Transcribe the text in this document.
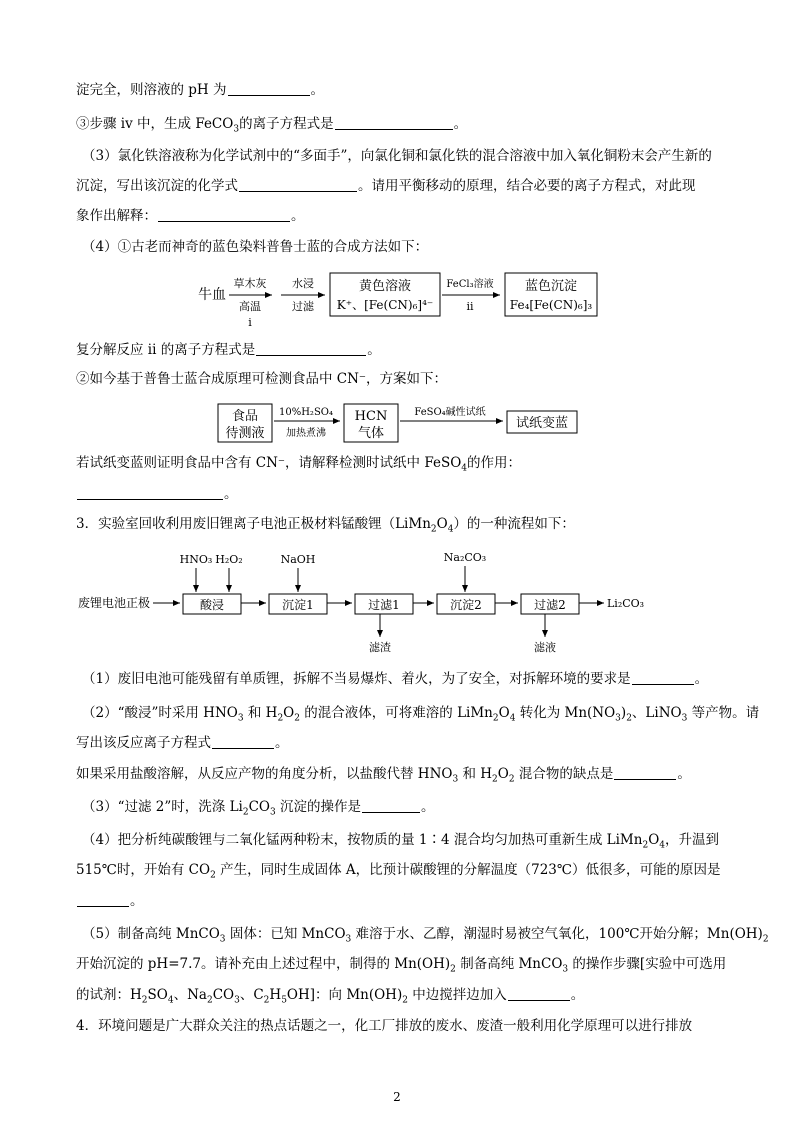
淀完全，则溶液的 pH 为	。
③步骤 iv 中，生成 FeCO$_3$的离子方程式是	。
（3）氯化铁溶液称为化学试剂中的“多面手”，向氯化铜和氯化铁的混合溶液中加入氧化铜粉末会产生新的
沉淀，写出该沉淀的化学式	。请用平衡移动的原理，结合必要的离子方程式，对此现
象作出解释：	。
（4）①古老而神奇的蓝色染料普鲁士蓝的合成方法如下：
牛血
草木灰
高温
i
水浸
过滤
黄色溶液
K⁺、[Fe(CN)₆]⁴⁻
FeCl₃溶液
ii
蓝色沉淀
Fe₄[Fe(CN)₆]₃
复分解反应 ii 的离子方程式是	。
②如今基于普鲁士蓝合成原理可检测食品中 CN⁻，方案如下：
食品
待测液
10%H₂SO₄
加热煮沸
HCN
气体
FeSO₄碱性试纸
试纸变蓝
若试纸变蓝则证明食品中含有 CN⁻，请解释检测时试纸中 FeSO$_4$的作用：
。
3．实验室回收利用废旧锂离子电池正极材料锰酸锂$(LiMn_2O_4)$的一种流程如下：
HNO₃ H₂O₂	NaOH	Na₂CO₃
废锂电池正极	酸浸	沉淀1	过滤1	沉淀2	过滤2	Li₂CO₃
滤渣	滤液
（1）废旧电池可能残留有单质锂，拆解不当易爆炸、着火，为了安全，对拆解环境的要求是	。
（2）“酸浸”时采用 $HNO_3$ 和 $H_2O_2$ 的混合液体，可将难溶的 $LiMn_2O_4$ 转化为 $Mn(NO_3)_2$、LiNO$_3$ 等产物。请
写出该反应离子方程式	。
如果采用盐酸溶解，从反应产物的角度分析，以盐酸代替 $HNO_3$ 和 $H_2O_2$ 混合物的缺点是	。
（3）“过滤 2”时，洗涤 $Li_2CO_3$ 沉淀的操作是	。
（4）把分析纯碳酸锂与二氧化锰两种粉末，按物质的量 1∶4 混合均匀加热可重新生成 $LiMn_2O_4$，升温到
515℃时，开始有 $CO_2$ 产生，同时生成固体 A，比预计碳酸锂的分解温度（723℃）低很多，可能的原因是
。
（5）制备高纯 MnCO$_3$ 固体：已知 MnCO$_3$ 难溶于水、乙醇，潮湿时易被空气氧化，100℃开始分解；$Mn(OH)_2$
开始沉淀的 pH=7.7。请补充由上述过程中，制得的 $Mn(OH)_2$ 制备高纯 MnCO$_3$ 的操作步骤[实验中可选用
的试剂：$H_2SO_4$、$Na_2CO_3$、$C_2H_5OH$]：向 $Mn(OH)_2$ 中边搅拌边加入	。
4．环境问题是广大群众关注的热点话题之一，化工厂排放的废水、废渣一般利用化学原理可以进行排放
2
